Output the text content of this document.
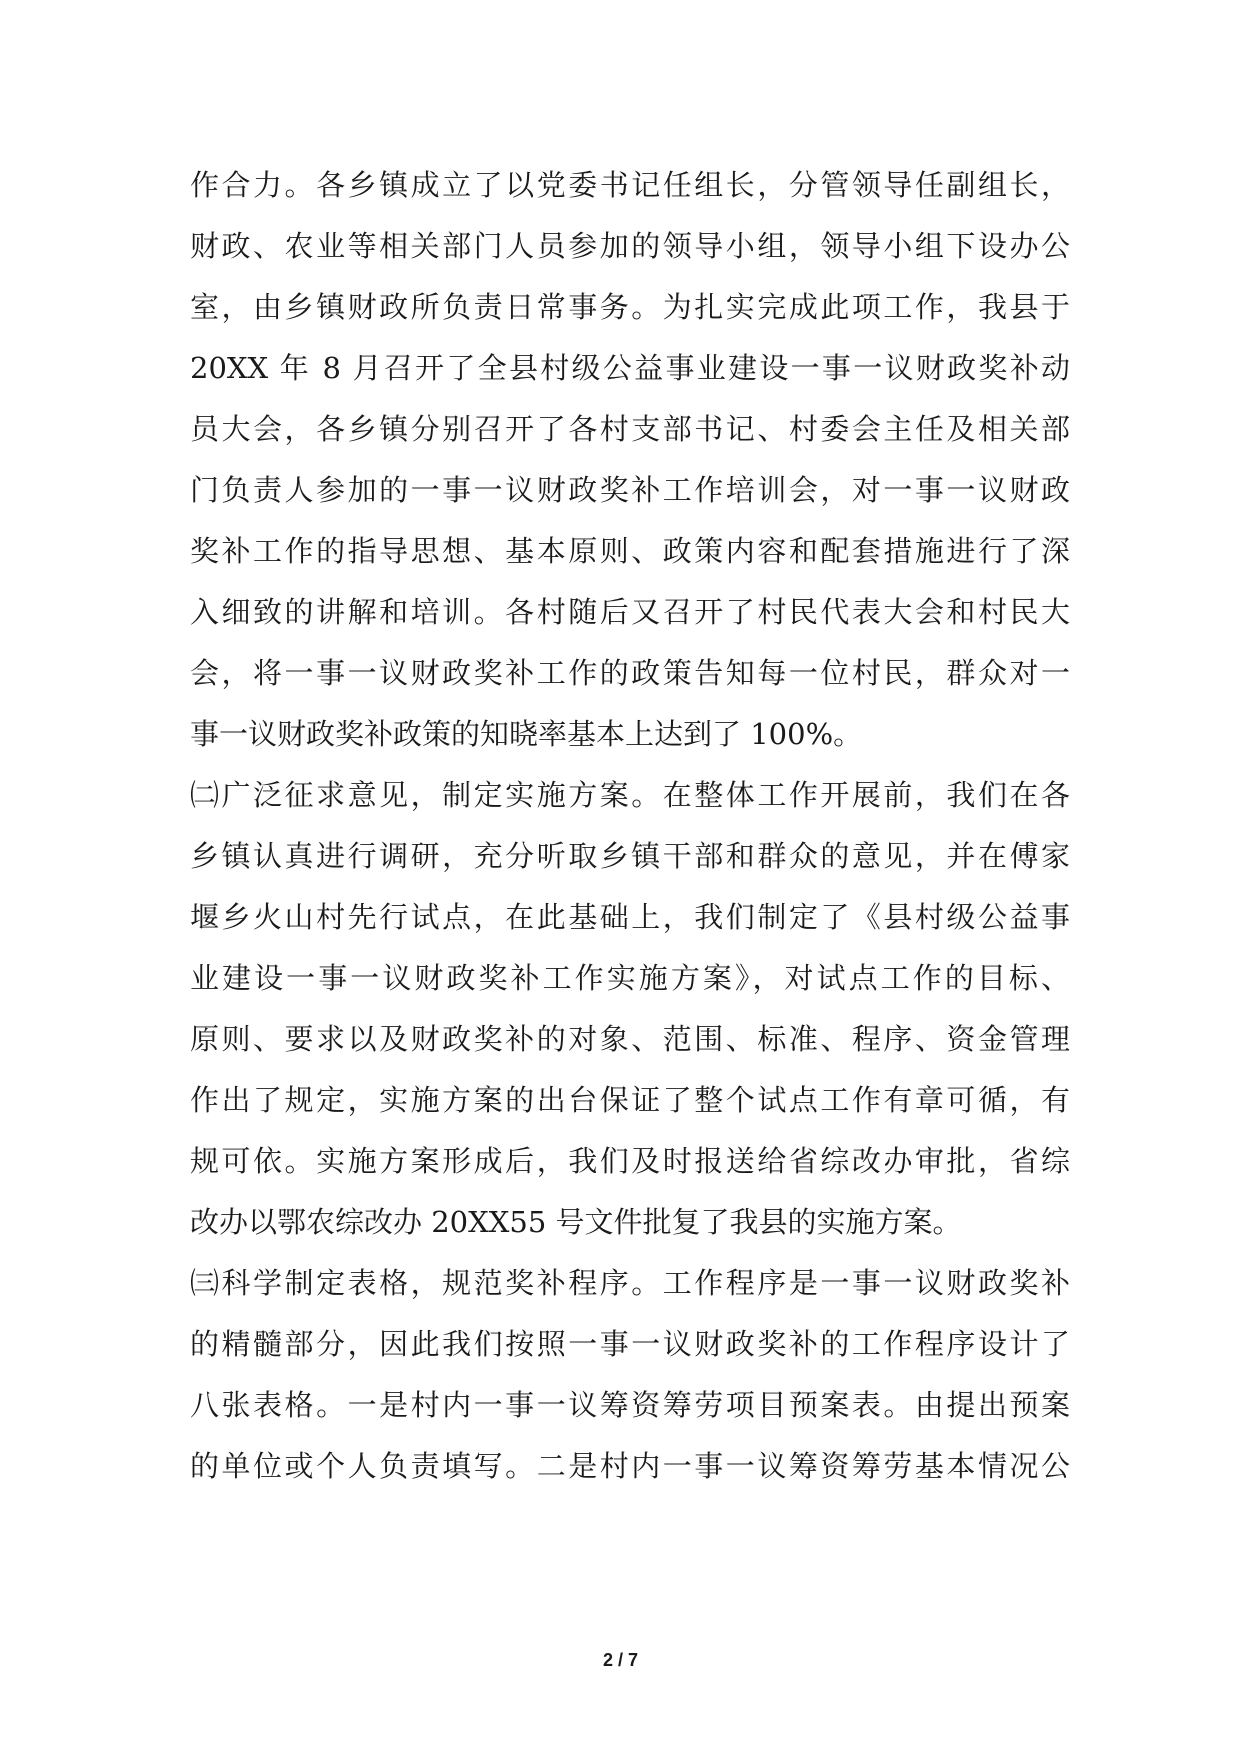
作合力。各乡镇成立了以党委书记任组长，分管领导任副组长，
财政、农业等相关部门人员参加的领导小组，领导小组下设办公
室，由乡镇财政所负责日常事务。为扎实完成此项工作，我县于
20XX 年 8 月召开了全县村级公益事业建设一事一议财政奖补动
员大会，各乡镇分别召开了各村支部书记、村委会主任及相关部
门负责人参加的一事一议财政奖补工作培训会，对一事一议财政
奖补工作的指导思想、基本原则、政策内容和配套措施进行了深
入细致的讲解和培训。各村随后又召开了村民代表大会和村民大
会，将一事一议财政奖补工作的政策告知每一位村民，群众对一
事一议财政奖补政策的知晓率基本上达到了 100%。
㈡广泛征求意见，制定实施方案。在整体工作开展前，我们在各
乡镇认真进行调研，充分听取乡镇干部和群众的意见，并在傅家
堰乡火山村先行试点，在此基础上，我们制定了《县村级公益事
业建设一事一议财政奖补工作实施方案》，对试点工作的目标、
原则、要求以及财政奖补的对象、范围、标准、程序、资金管理
作出了规定，实施方案的出台保证了整个试点工作有章可循，有
规可依。实施方案形成后，我们及时报送给省综改办审批，省综
改办以鄂农综改办 20XX55 号文件批复了我县的实施方案。
㈢科学制定表格，规范奖补程序。工作程序是一事一议财政奖补
的精髓部分，因此我们按照一事一议财政奖补的工作程序设计了
八张表格。一是村内一事一议筹资筹劳项目预案表。由提出预案
的单位或个人负责填写。二是村内一事一议筹资筹劳基本情况公
2 / 7
